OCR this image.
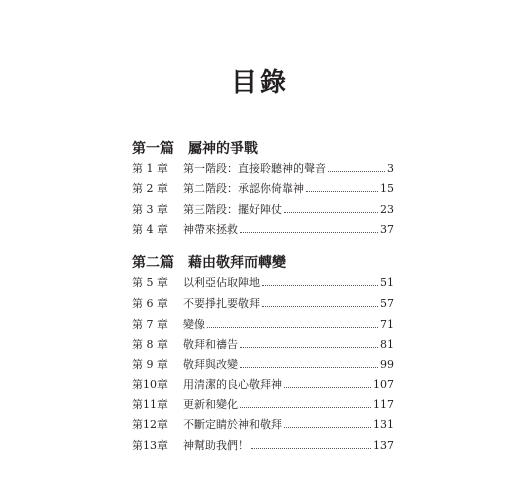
目錄
第一篇 屬神的爭戰
第 1 章	第一階段：直接聆聽神的聲音	3
第 2 章	第二階段：承認你倚靠神	15
第 3 章	第三階段：擺好陣仗	23
第 4 章	神帶來拯救	37
第二篇 藉由敬拜而轉變
第 5 章	以利亞佔取陣地	51
第 6 章	不要掙扎要敬拜	57
第 7 章	變像	71
第 8 章	敬拜和禱告	81
第 9 章	敬拜與改變	99
第10章	用清潔的良心敬拜神	107
第11章	更新和變化	117
第12章	不斷定睛於神和敬拜	131
第13章	神幫助我們！	137
